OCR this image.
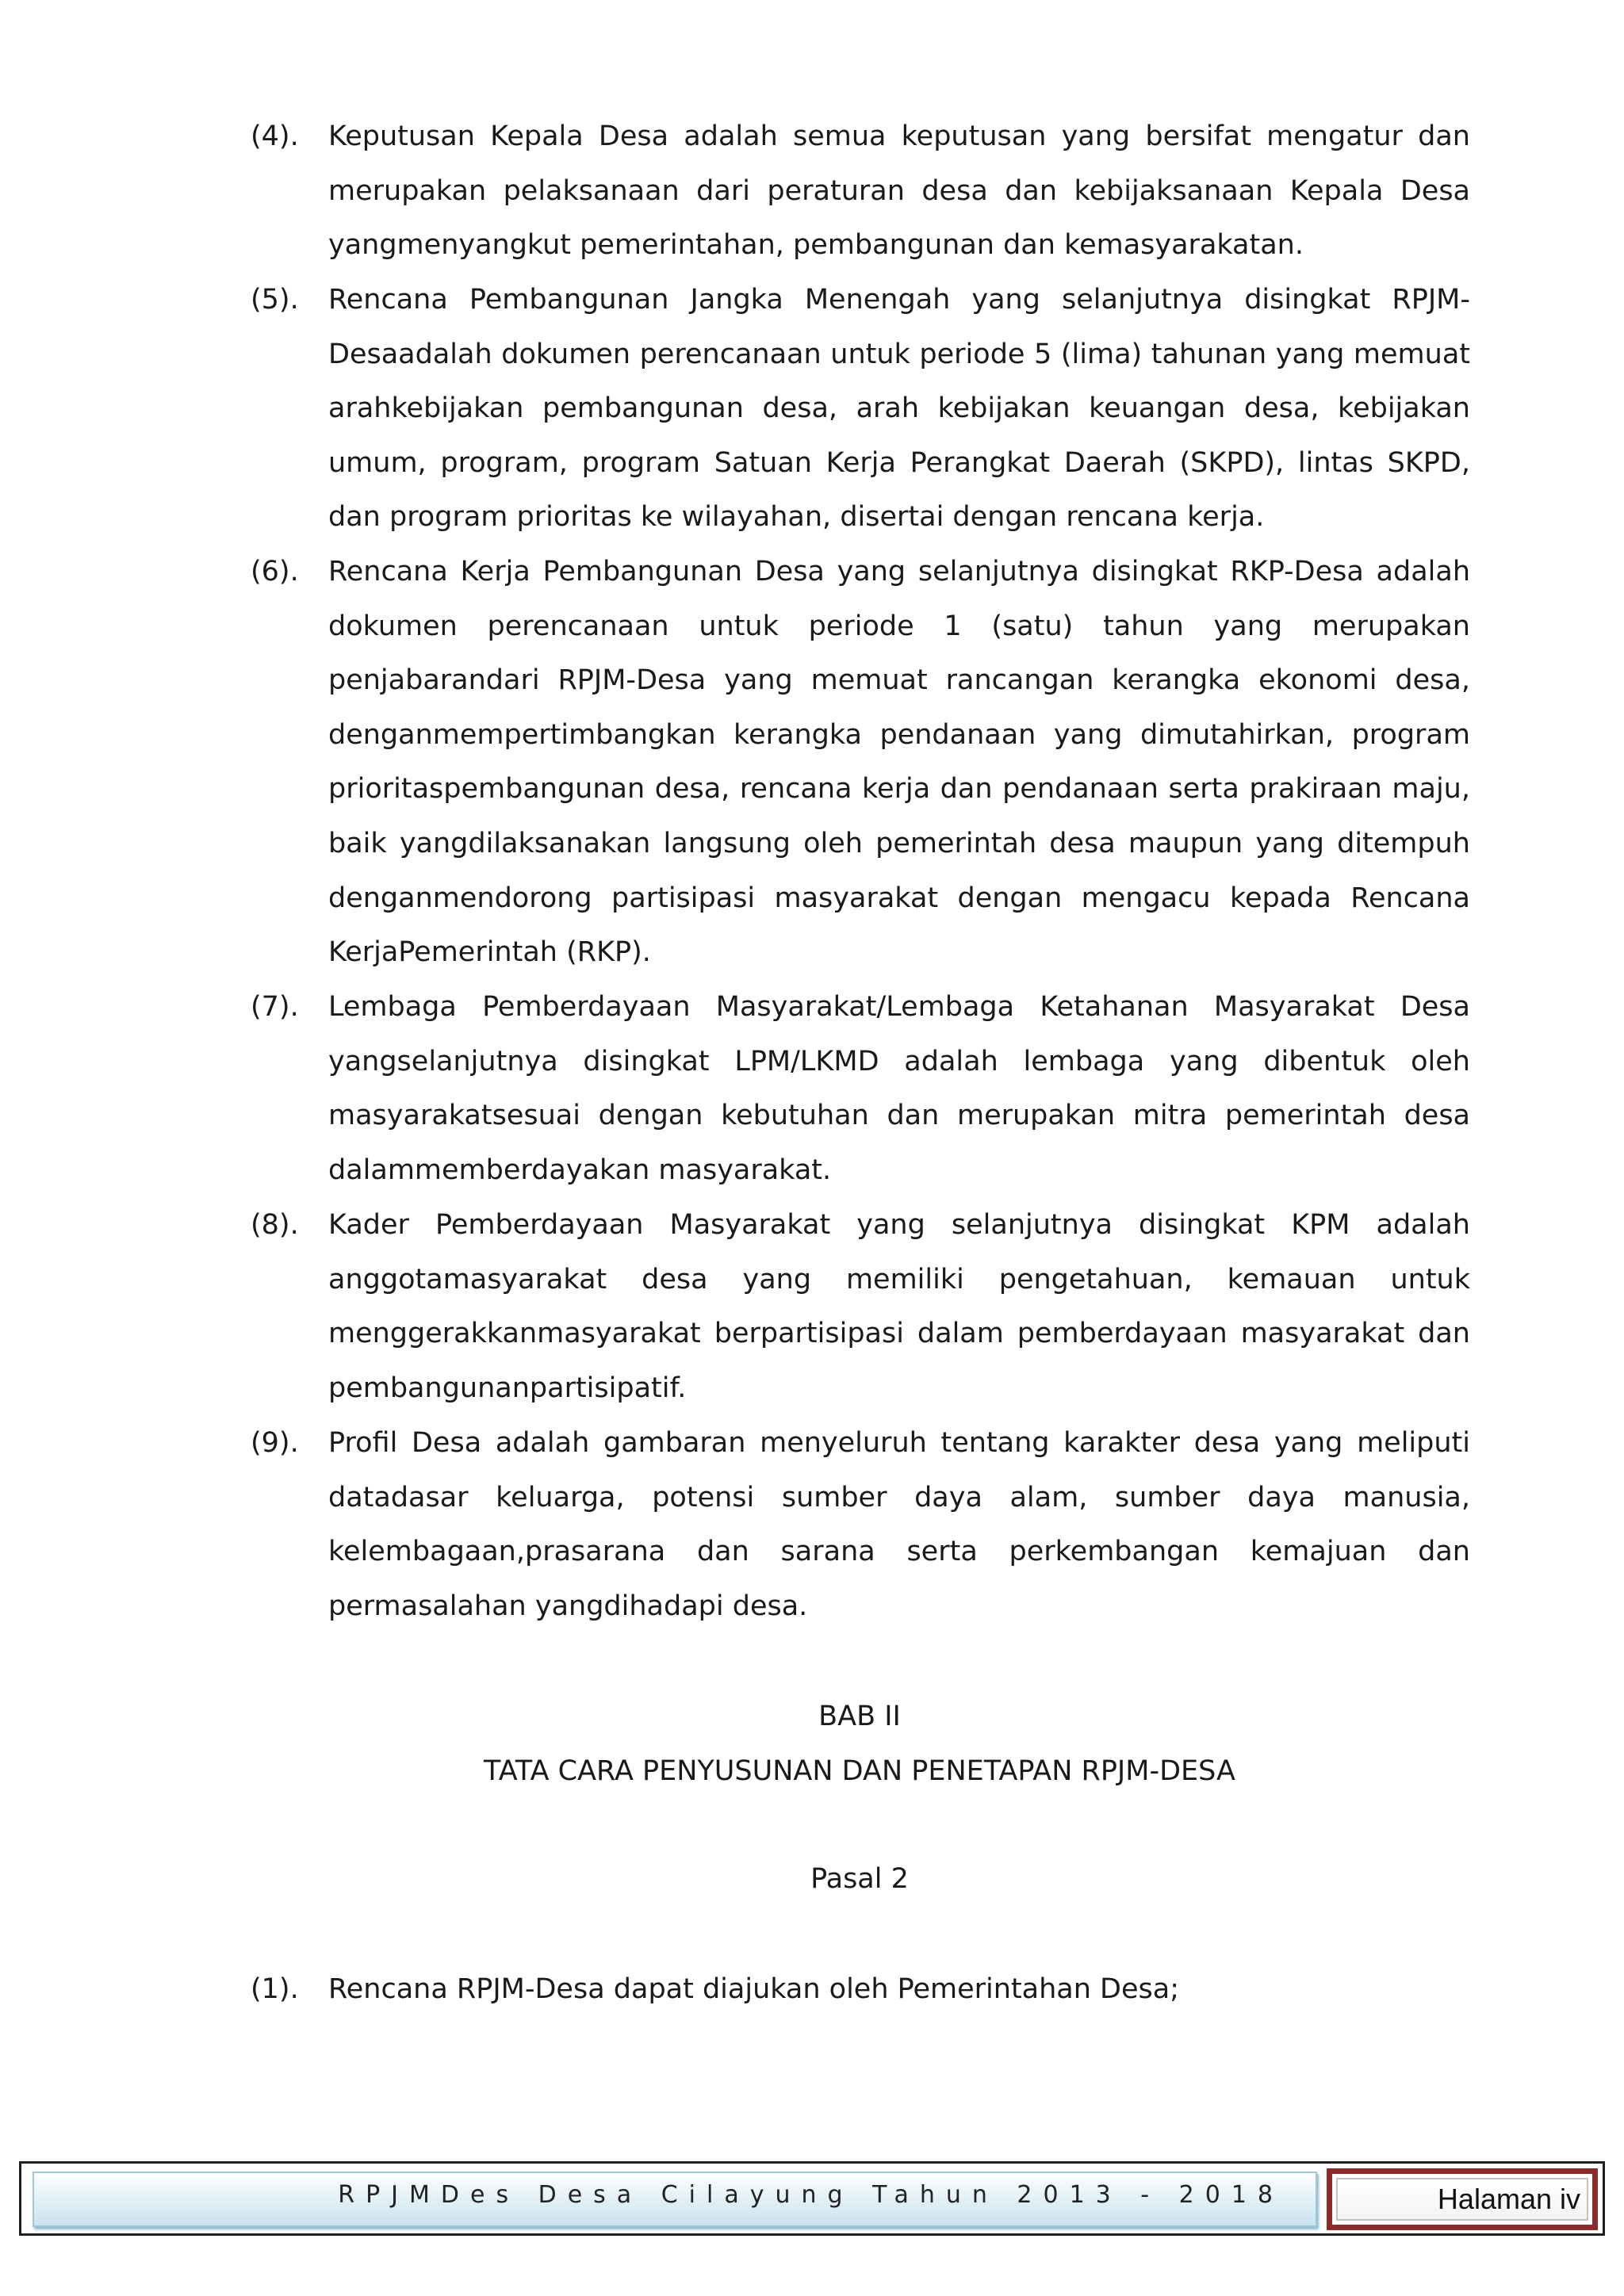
(4). Keputusan Kepala Desa adalah semua keputusan yang bersifat mengatur dan merupakan pelaksanaan dari peraturan desa dan kebijaksanaan Kepala Desa yangmenyangkut pemerintahan, pembangunan dan kemasyarakatan.
(5). Rencana Pembangunan Jangka Menengah yang selanjutnya disingkat RPJM-Desaadalah dokumen perencanaan untuk periode 5 (lima) tahunan yang memuat arahkebijakan pembangunan desa, arah kebijakan keuangan desa, kebijakan umum, program, program Satuan Kerja Perangkat Daerah (SKPD), lintas SKPD, dan program prioritas ke wilayahan, disertai dengan rencana kerja.
(6). Rencana Kerja Pembangunan Desa yang selanjutnya disingkat RKP-Desa adalah dokumen perencanaan untuk periode 1 (satu) tahun yang merupakan penjabarandari RPJM-Desa yang memuat rancangan kerangka ekonomi desa, denganmempertimbangkan kerangka pendanaan yang dimutahirkan, program prioritaspembangunan desa, rencana kerja dan pendanaan serta prakiraan maju, baik yangdilaksanakan langsung oleh pemerintah desa maupun yang ditempuh denganmendorong partisipasi masyarakat dengan mengacu kepada Rencana KerjaPemerintah (RKP).
(7). Lembaga Pemberdayaan Masyarakat/Lembaga Ketahanan Masyarakat Desa yangselanjutnya disingkat LPM/LKMD adalah lembaga yang dibentuk oleh masyarakatsesuai dengan kebutuhan dan merupakan mitra pemerintah desa dalammemberdayakan masyarakat.
(8). Kader Pemberdayaan Masyarakat yang selanjutnya disingkat KPM adalah anggotamasyarakat desa yang memiliki pengetahuan, kemauan untuk menggerakkanmasyarakat berpartisipasi dalam pemberdayaan masyarakat dan pembangunanpartisipatif.
(9). Profil Desa adalah gambaran menyeluruh tentang karakter desa yang meliputi datadasar keluarga, potensi sumber daya alam, sumber daya manusia, kelembagaan,prasarana dan sarana serta perkembangan kemajuan dan permasalahan yangdihadapi desa.
BAB II
TATA CARA PENYUSUNAN DAN PENETAPAN RPJM-DESA
Pasal 2
(1). Rencana RPJM-Desa dapat diajukan oleh Pemerintahan Desa;
RPJMDes Desa Cilayung Tahun 2013 - 2018	Halaman iv
